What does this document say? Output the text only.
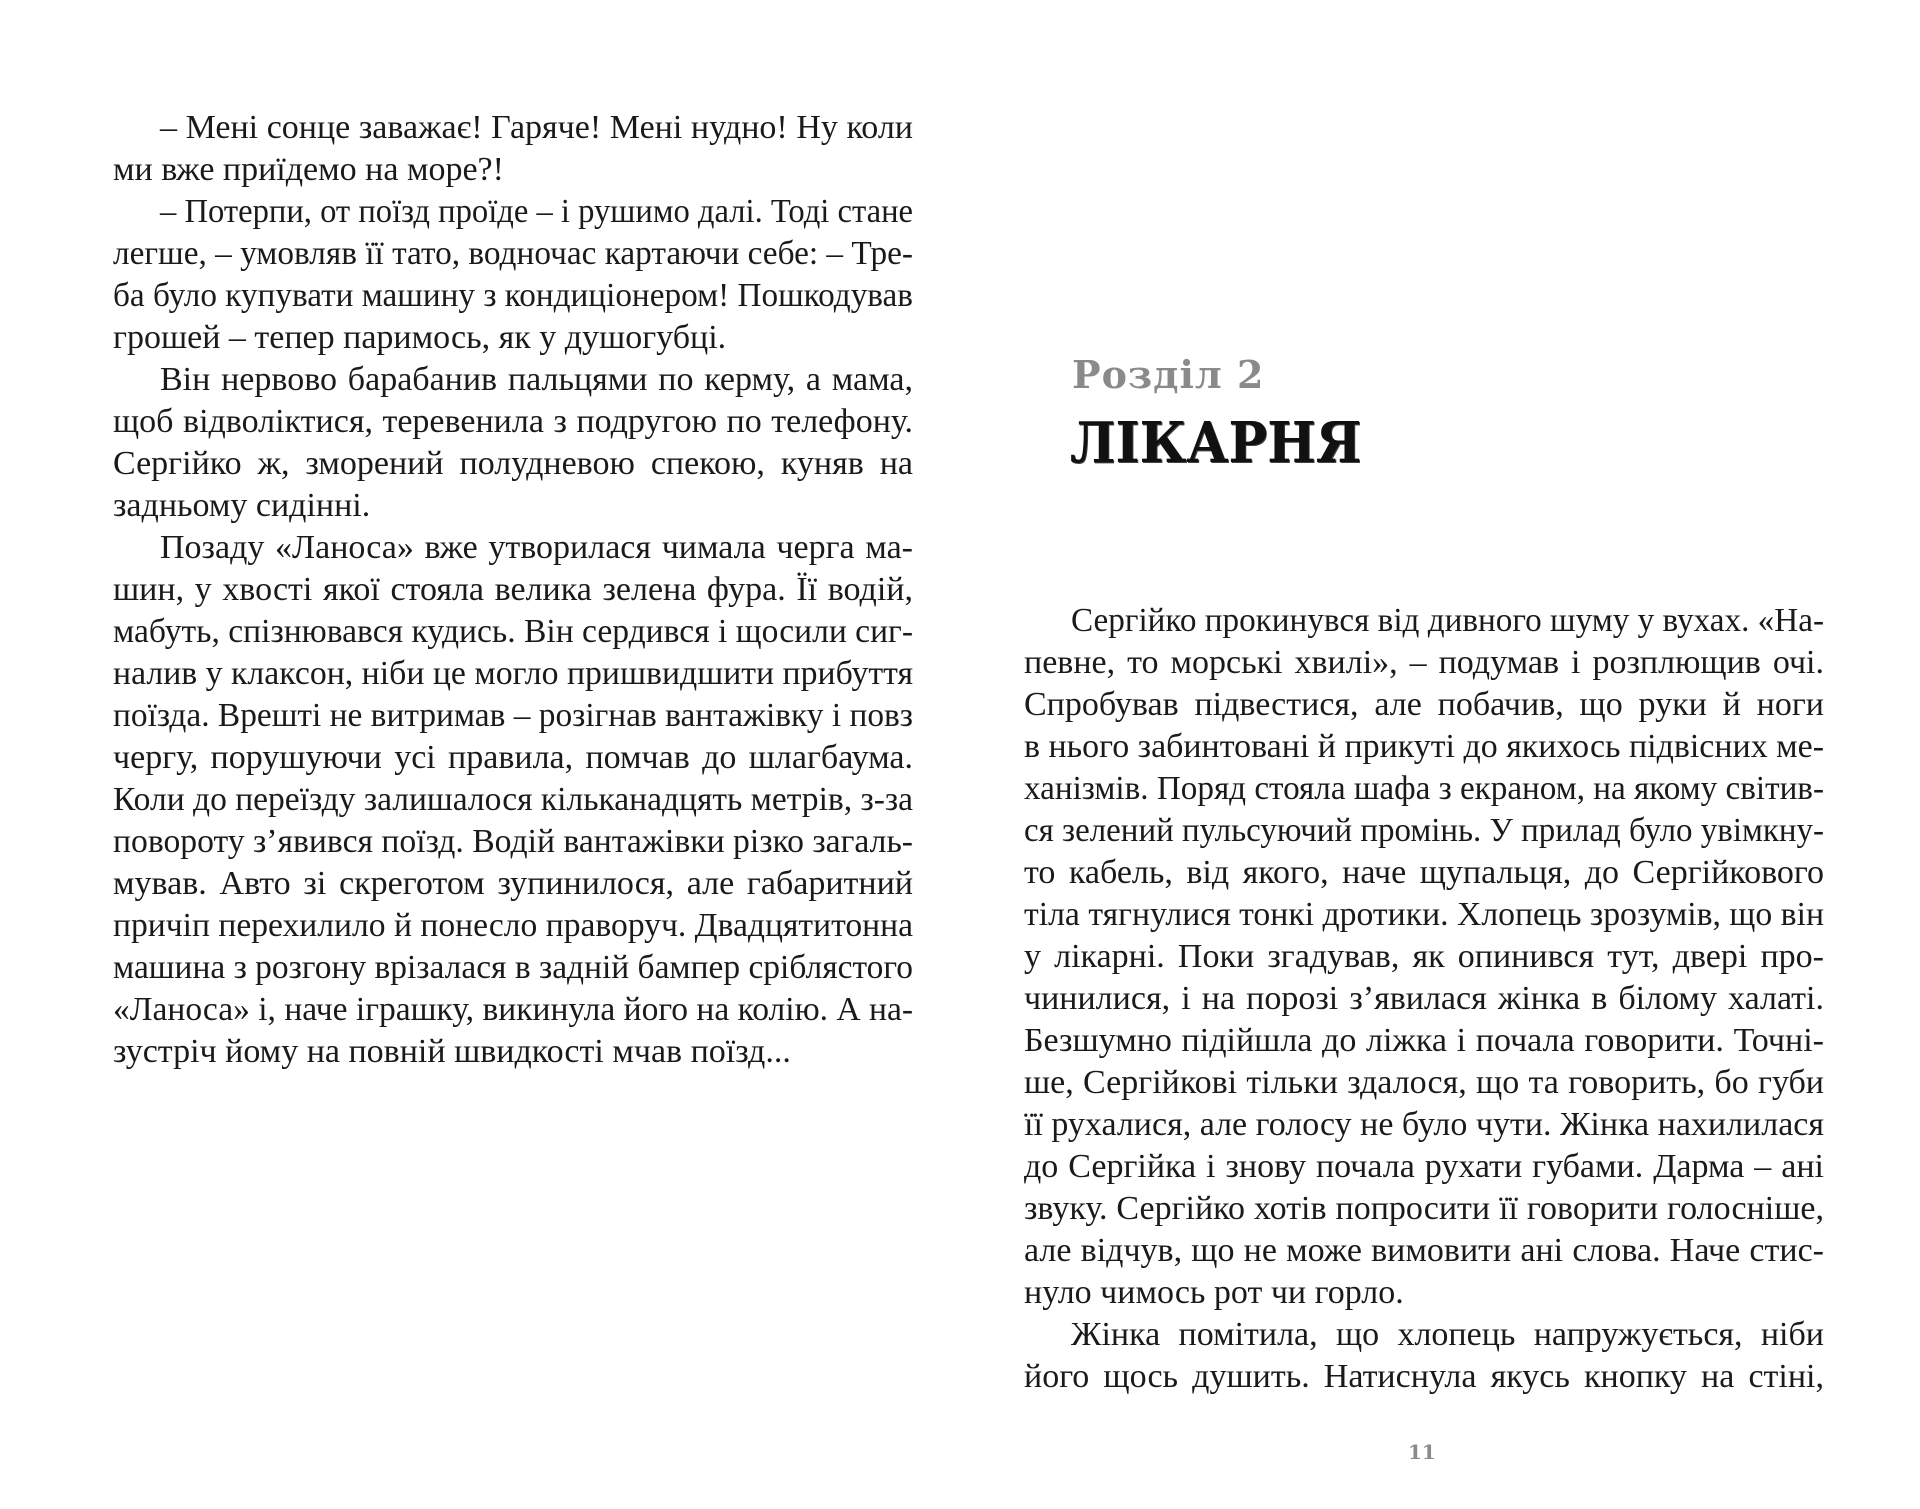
– Мені сонце заважає! Гаряче! Мені нудно! Ну коли
ми вже приїдемо на море?!
– Потерпи, от поїзд проїде – і рушимо далі. Тоді стане
легше, – умовляв її тато, водночас картаючи себе: – Тре-
ба було купувати машину з кондиціонером! Пошкодував
грошей – тепер паримось, як у душогубці.
Він нервово барабанив пальцями по керму, а мама,
щоб відволіктися, теревенила з подругою по телефону.
Сергійко ж, зморений полудневою спекою, куняв на
задньому сидінні.
Позаду «Ланоса» вже утворилася чимала черга ма-
шин, у хвості якої стояла велика зелена фура. Її водій,
мабуть, спізнювався кудись. Він сердився і щосили сиг-
налив у клаксон, ніби це могло пришвидшити прибуття
поїзда. Врешті не витримав – розігнав вантажівку і повз
чергу, порушуючи усі правила, помчав до шлагбаума.
Коли до переїзду залишалося кільканадцять метрів, з-за
повороту з’явився поїзд. Водій вантажівки різко загаль-
мував. Авто зі скреготом зупинилося, але габаритний
причіп перехилило й понесло праворуч. Двадцятитонна
машина з розгону врізалася в задній бампер сріблястого
«Ланоса» і, наче іграшку, викинула його на колію. А на-
зустріч йому на повній швидкості мчав поїзд...
Розділ 2
ЛІКАРНЯ
Сергійко прокинувся від дивного шуму у вухах. «На-
певне, то морські хвилі», – подумав і розплющив очі.
Спробував підвестися, але побачив, що руки й ноги
в нього забинтовані й прикуті до якихось підвісних ме-
ханізмів. Поряд стояла шафа з екраном, на якому світив-
ся зелений пульсуючий промінь. У прилад було увімкну-
то кабель, від якого, наче щупальця, до Сергійкового
тіла тягнулися тонкі дротики. Хлопець зрозумів, що він
у лікарні. Поки згадував, як опинився тут, двері про-
чинилися, і на порозі з’явилася жінка в білому халаті.
Безшумно підійшла до ліжка і почала говорити. Точні-
ше, Сергійкові тільки здалося, що та говорить, бо губи
її рухалися, але голосу не було чути. Жінка нахилилася
до Сергійка і знову почала рухати губами. Дарма – ані
звуку. Сергійко хотів попросити її говорити голосніше,
але відчув, що не може вимовити ані слова. Наче стис-
нуло чимось рот чи горло.
Жінка помітила, що хлопець напружується, ніби
його щось душить. Натиснула якусь кнопку на стіні,
11
